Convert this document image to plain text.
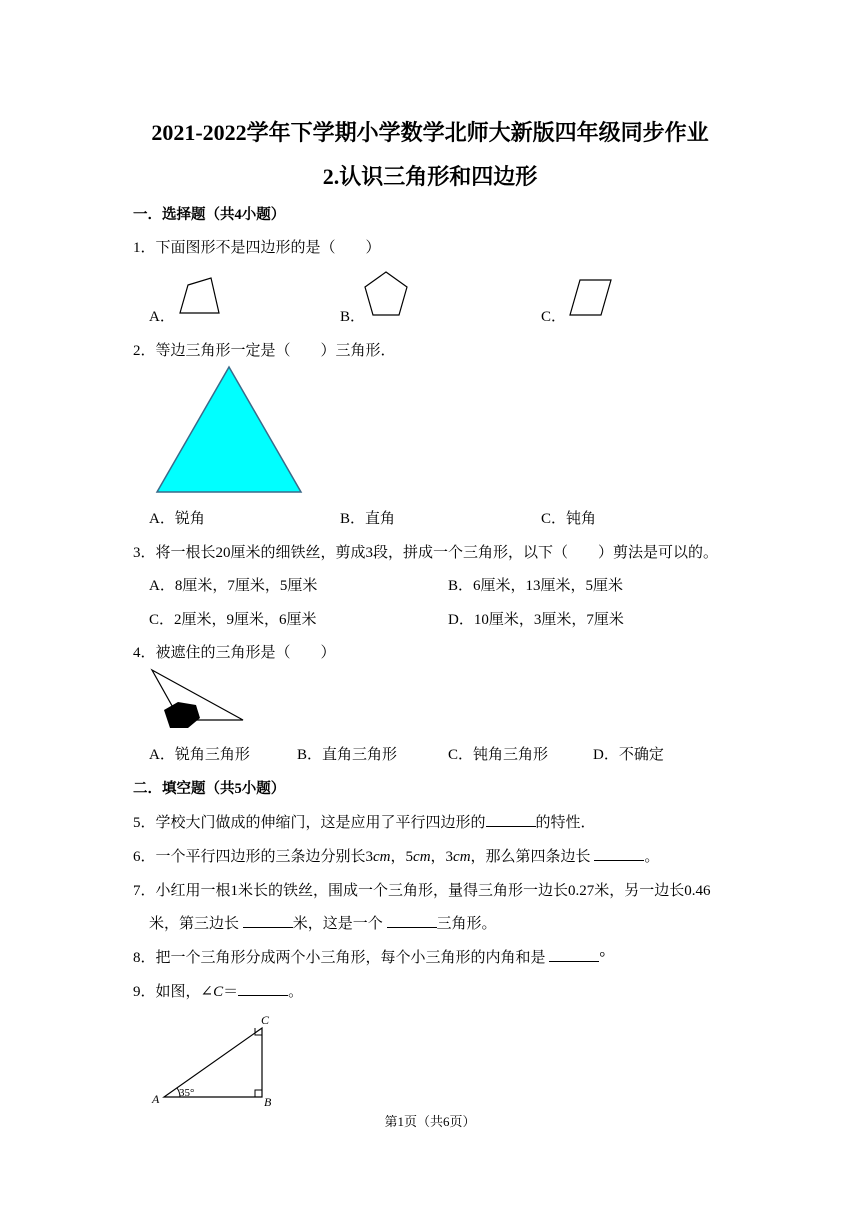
2021-2022学年下学期小学数学北师大新版四年级同步作业
2.认识三角形和四边形
一．选择题（共4小题）
1．下面图形不是四边形的是（　　）
A．	B．	C．
2．等边三角形一定是（　　）三角形．
A．锐角	B．直角	C．钝角
3．将一根长20厘米的细铁丝，剪成3段，拼成一个三角形，以下（　　）剪法是可以的。
A．8厘米，7厘米，5厘米	B．6厘米，13厘米，5厘米
C．2厘米，9厘米，6厘米	D．10厘米，3厘米，7厘米
4．被遮住的三角形是（　　）
A．锐角三角形	B．直角三角形	C．钝角三角形	D．不确定
二．填空题（共5小题）
5．学校大门做成的伸缩门，这是应用了平行四边形的	的特性．
6．一个平行四边形的三条边分别长3cm，5cm，3cm，那么第四条边长	。
7．小红用一根1米长的铁丝，围成一个三角形，量得三角形一边长0.27米，另一边长0.46
米，第三边长	米，这是一个	三角形。
8．把一个三角形分成两个小三角形，每个小三角形的内角和是	°
9．如图，∠C＝	。
35°
A	B
C
第1页（共6页）
